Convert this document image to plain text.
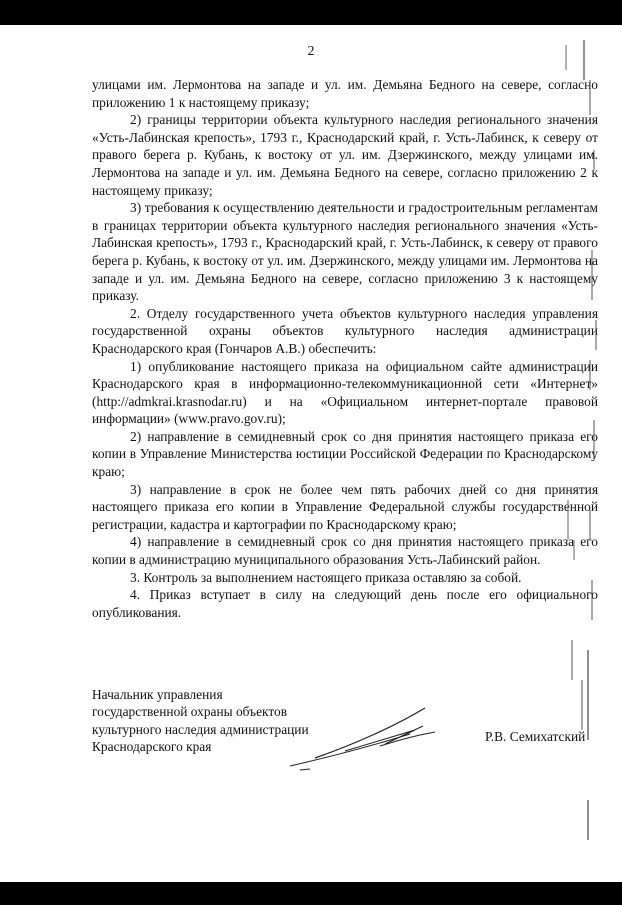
2

улицами им. Лермонтова на западе и ул. им. Демьяна Бедного на севере, согласно приложению 1 к настоящему приказу;

2) границы территории объекта культурного наследия регионального значения «Усть-Лабинская крепость», 1793 г., Краснодарский край, г. Усть-Лабинск, к северу от правого берега р. Кубань, к востоку от ул. им. Дзержинского, между улицами им. Лермонтова на западе и ул. им. Демьяна Бедного на севере, согласно приложению 2 к настоящему приказу;

3) требования к осуществлению деятельности и градостроительным регламентам в границах территории объекта культурного наследия регионального значения «Усть-Лабинская крепость», 1793 г., Краснодарский край, г. Усть-Лабинск, к северу от правого берега р. Кубань, к востоку от ул. им. Дзержинского, между улицами им. Лермонтова на западе и ул. им. Демьяна Бедного на севере, согласно приложению 3 к настоящему приказу.

2. Отделу государственного учета объектов культурного наследия управления государственной охраны объектов культурного наследия администрации Краснодарского края (Гончаров А.В.) обеспечить:

1) опубликование настоящего приказа на официальном сайте администрации Краснодарского края в информационно-телекоммуникационной сети «Интернет» (http://admkrai.krasnodar.ru) и на «Официальном интернет-портале правовой информации» (www.pravo.gov.ru);

2) направление в семидневный срок со дня принятия настоящего приказа его копии в Управление Министерства юстиции Российской Федерации по Краснодарскому краю;

3) направление в срок не более чем пять рабочих дней со дня принятия настоящего приказа его копии в Управление Федеральной службы государственной регистрации, кадастра и картографии по Краснодарскому краю;

4) направление в семидневный срок со дня принятия настоящего приказа его копии в администрацию муниципального образования Усть-Лабинский район.

3. Контроль за выполнением настоящего приказа оставляю за собой.

4. Приказ вступает в силу на следующий день после его официального опубликования.

Начальник управления
государственной охраны объектов
культурного наследия администрации
Краснодарского края
Р.В. Семихатский
